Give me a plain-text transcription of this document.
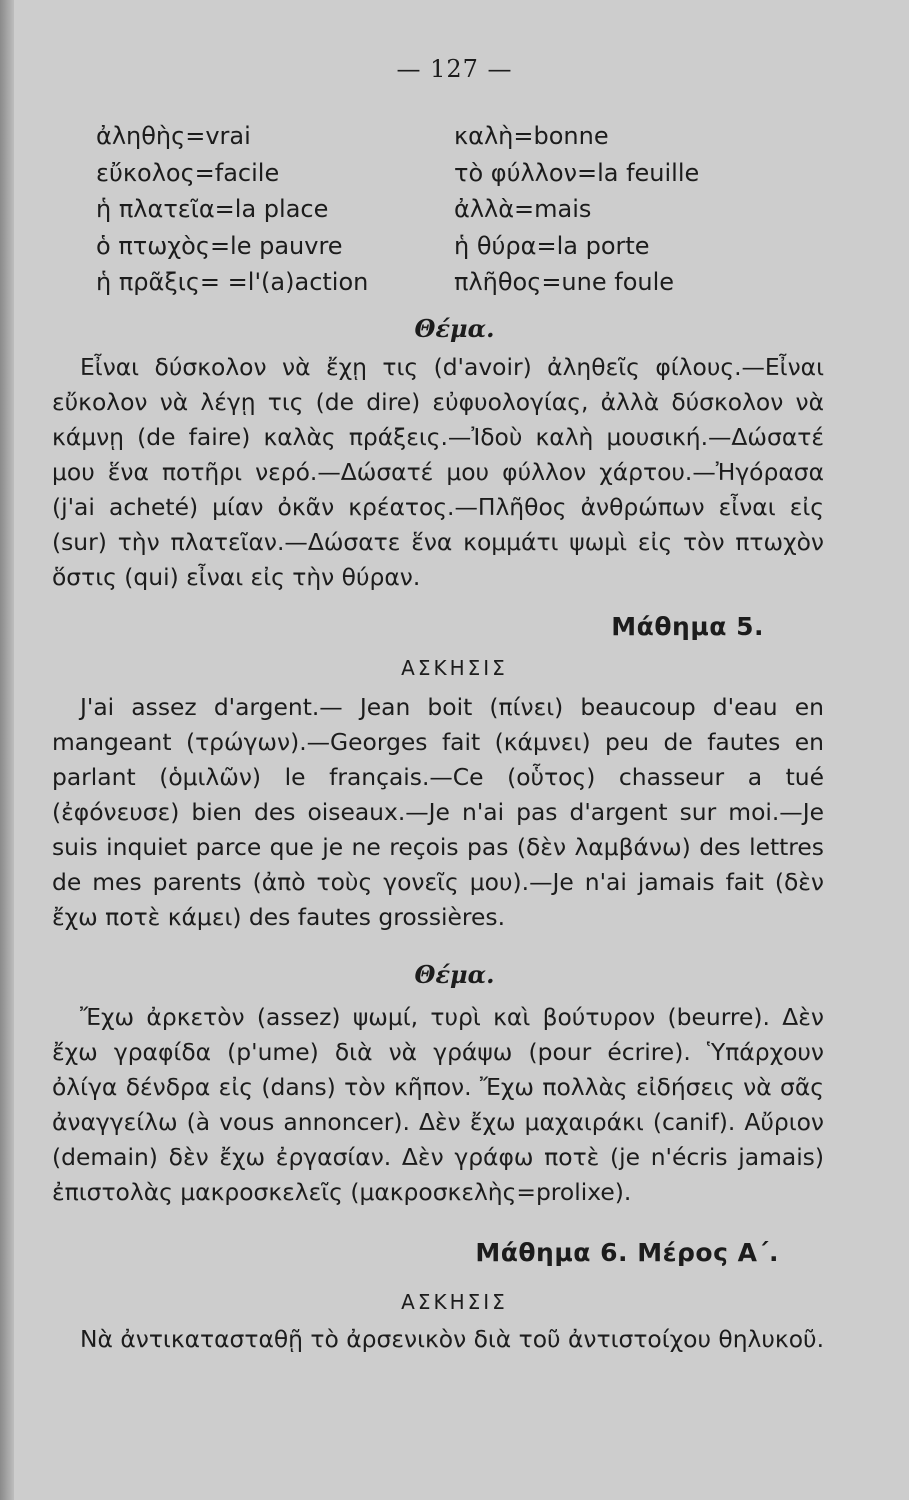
— 127 —
ἀληθὴς=vrai
εὔκολος=facile
ἡ πλατεῖα=la place
ὁ πτωχὸς=le pauvre
ἡ πρᾶξις= =l'(a)action
καλὴ=bonne
τὸ φύλλον=la feuille
ἀλλὰ=mais
ἡ θύρα=la porte
πλῆθος=une foule
Θέμα.

Εἶναι δύσκολον νὰ ἔχῃ τις (d'avoir) ἀληθεῖς φίλους.—Εἶναι εὔκολον νὰ λέγῃ τις (de dire) εὐφυολογίας, ἀλλὰ δύσκολον νὰ κάμνῃ (de faire) καλὰς πράξεις.—Ἰδοὺ καλὴ μουσική.—Δώσατέ μου ἕνα ποτῆρι νερό.—Δώσατέ μου φύλλον χάρτου.—Ἠγόρασα (j'ai acheté) μίαν ὀκᾶν κρέατος.—Πλῆθος ἀνθρώπων εἶναι εἰς (sur) τὴν πλατεῖαν.—Δώσατε ἕνα κομμάτι ψωμὶ εἰς τὸν πτωχὸν ὅστις (qui) εἶναι εἰς τὴν θύραν.

Μάθημα 5.
ΑΣΚΗΣΙΣ

J'ai assez d'argent.— Jean boit (πίνει) beaucoup d'eau en mangeant (τρώγων).—Georges fait (κάμνει) peu de fautes en parlant (ὁμιλῶν) le français.—Ce (οὗτος) chasseur a tué (ἐφόνευσε) bien des oiseaux.—Je n'ai pas d'argent sur moi.—Je suis inquiet parce que je ne reçois pas (δὲν λαμβάνω) des lettres de mes parents (ἀπὸ τοὺς γονεῖς μου).—Je n'ai jamais fait (δὲν ἔχω ποτὲ κάμει) des fautes grossières.

Θέμα.

Ἔχω ἀρκετὸν (assez) ψωμί, τυρὶ καὶ βούτυρον (beurre). Δὲν ἔχω γραφίδα (p'ume) διὰ νὰ γράψω (pour écrire). Ὑπάρχουν ὀλίγα δένδρα εἰς (dans) τὸν κῆπον. Ἔχω πολλὰς εἰδήσεις νὰ σᾶς ἀναγγείλω (à vous annoncer). Δὲν ἔχω μαχαιράκι (canif). Αὔριον (demain) δὲν ἔχω ἐργασίαν. Δὲν γράφω ποτὲ (je n'écris jamais) ἐπιστολὰς μακροσκελεῖς (μακροσκελὴς=prolixe).

Μάθημα 6. Μέρος Α΄.
ΑΣΚΗΣΙΣ

Νὰ ἀντικατασταθῇ τὸ ἀρσενικὸν διὰ τοῦ ἀντιστοίχου θηλυκοῦ.
